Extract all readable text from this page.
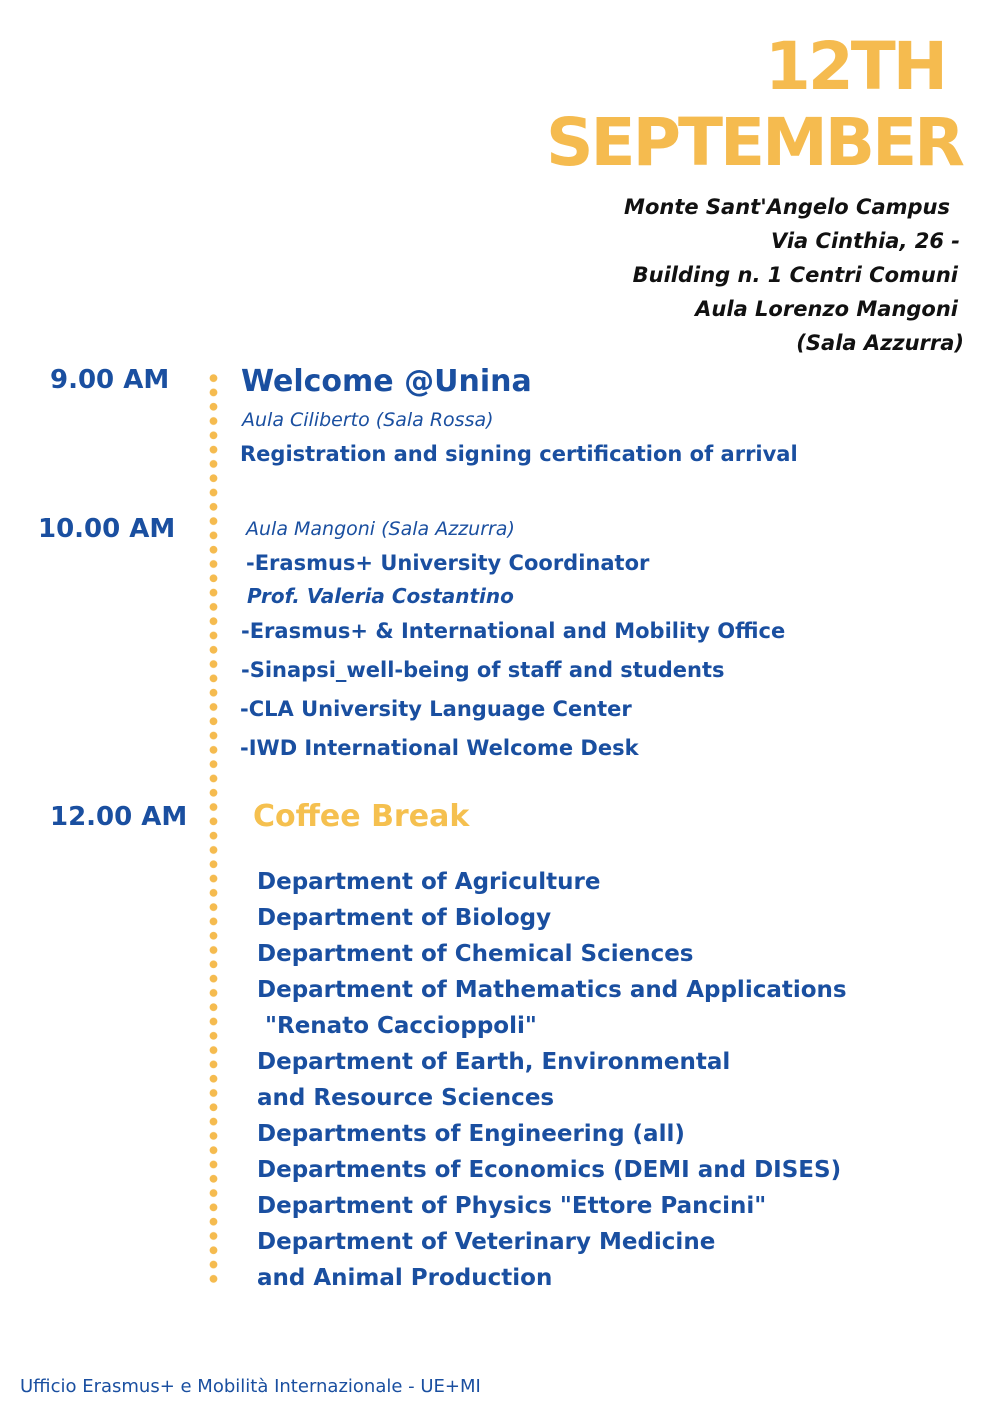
12TH
SEPTEMBER
Monte Sant'Angelo Campus
Via Cinthia, 26 -
Building n. 1 Centri Comuni
Aula Lorenzo Mangoni
(Sala Azzurra)
9.00 AM Welcome @Unina
Aula Ciliberto (Sala Rossa)
Registration and signing certification of arrival
10.00 AM	Aula Mangoni (Sala Azzurra)
-Erasmus+ University Coordinator
Prof. Valeria Costantino
-Erasmus+ & International and Mobility Office
-Sinapsi_well-being of staff and students
-CLA University Language Center
-IWD International Welcome Desk
12.00 AM Coffee Break
Department of Agriculture
Department of Biology
Department of Chemical Sciences
Department of Mathematics and Applications
"Renato Caccioppoli"
Department of Earth, Environmental
and Resource Sciences
Departments of Engineering (all)
Departments of Economics (DEMI and DISES)
Department of Physics "Ettore Pancini"
Department of Veterinary Medicine
and Animal Production
Ufficio Erasmus+ e Mobilità Internazionale - UE+MI
